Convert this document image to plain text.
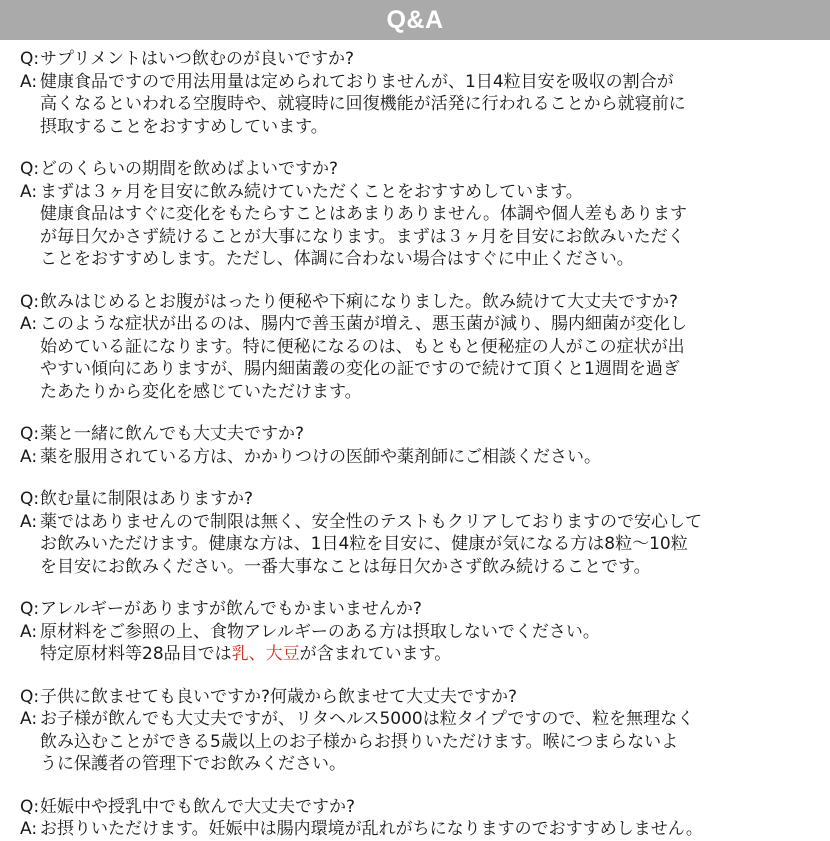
Q&A
Q: サプリメントはいつ飲むのが良いですか?
A: 健康食品ですので用法用量は定められておりませんが、1日4粒目安を吸収の割合が
高くなるといわれる空腹時や、就寝時に回復機能が活発に行われることから就寝前に
摂取することをおすすめしています。
Q: どのくらいの期間を飲めばよいですか?
A: まずは３ヶ月を目安に飲み続けていただくことをおすすめしています。
健康食品はすぐに変化をもたらすことはあまりありません。体調や個人差もあります
が毎日欠かさず続けることが大事になります。まずは３ヶ月を目安にお飲みいただく
ことをおすすめします。ただし、体調に合わない場合はすぐに中止ください。
Q: 飲みはじめるとお腹がはったり便秘や下痢になりました。飲み続けて大丈夫ですか?
A: このような症状が出るのは、腸内で善玉菌が増え、悪玉菌が減り、腸内細菌が変化し
始めている証になります。特に便秘になるのは、もともと便秘症の人がこの症状が出
やすい傾向にありますが、腸内細菌叢の変化の証ですので続けて頂くと1週間を過ぎ
たあたりから変化を感じていただけます。
Q: 薬と一緒に飲んでも大丈夫ですか?
A: 薬を服用されている方は、かかりつけの医師や薬剤師にご相談ください。
Q: 飲む量に制限はありますか?
A: 薬ではありませんので制限は無く、安全性のテストもクリアしておりますので安心して
お飲みいただけます。健康な方は、1日4粒を目安に、健康が気になる方は8粒～10粒
を目安にお飲みください。一番大事なことは毎日欠かさず飲み続けることです。
Q: アレルギーがありますが飲んでもかまいませんか?
A: 原材料をご参照の上、食物アレルギーのある方は摂取しないでください。
特定原材料等28品目では乳、大豆が含まれています。
Q: 子供に飲ませても良いですか?何歳から飲ませて大丈夫ですか?
A: お子様が飲んでも大丈夫ですが、リタヘルス5000は粒タイプですので、粒を無理なく
飲み込むことができる5歳以上のお子様からお摂りいただけます。喉につまらないよ
うに保護者の管理下でお飲みください。
Q: 妊娠中や授乳中でも飲んで大丈夫ですか?
A: お摂りいただけます。妊娠中は腸内環境が乱れがちになりますのでおすすめしません。
